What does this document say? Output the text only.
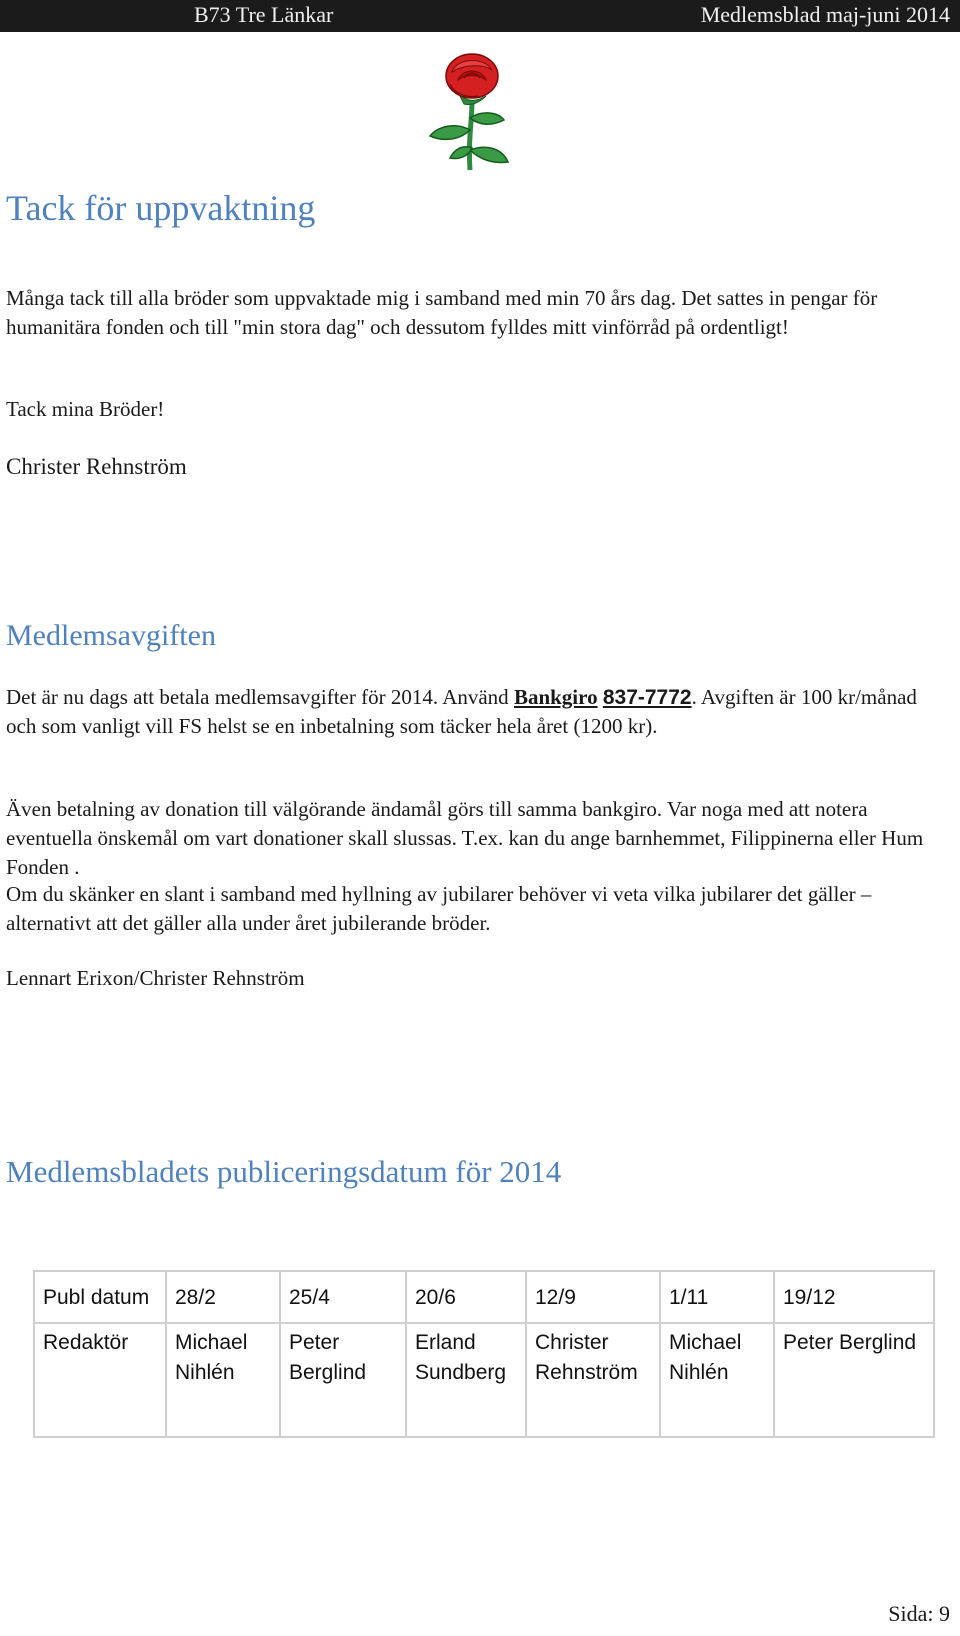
B73 Tre Länkar	Medlemsblad maj-juni 2014
Tack för uppvaktning

Många tack till alla bröder som uppvaktade mig i samband med min 70 års dag. Det sattes in pengar för humanitära fonden och till "min stora dag" och dessutom fylldes mitt vinförråd på ordentligt!

Tack mina Bröder!

Christer Rehnström

Medlemsavgiften

Det är nu dags att betala medlemsavgifter för 2014. Använd Bankgiro 837-7772. Avgiften är 100 kr/månad och som vanligt vill FS helst se en inbetalning som täcker hela året (1200 kr).

Även betalning av donation till välgörande ändamål görs till samma bankgiro. Var noga med att notera eventuella önskemål om vart donationer skall slussas. T.ex. kan du ange barnhemmet, Filippinerna eller Hum Fonden .

Om du skänker en slant i samband med hyllning av jubilarer behöver vi veta vilka jubilarer det gäller – alternativt att det gäller alla under året jubilerande bröder.

Lennart Erixon/Christer Rehnström

Medlemsbladets publiceringsdatum för 2014
Publ datum	28/2	25/4	20/6	12/9	1/11	19/12
Redaktör	Michael Nihlén	Peter Berglind	Erland Sundberg	Christer Rehnström	Michael Nihlén	Peter Berglind
Sida: 9
